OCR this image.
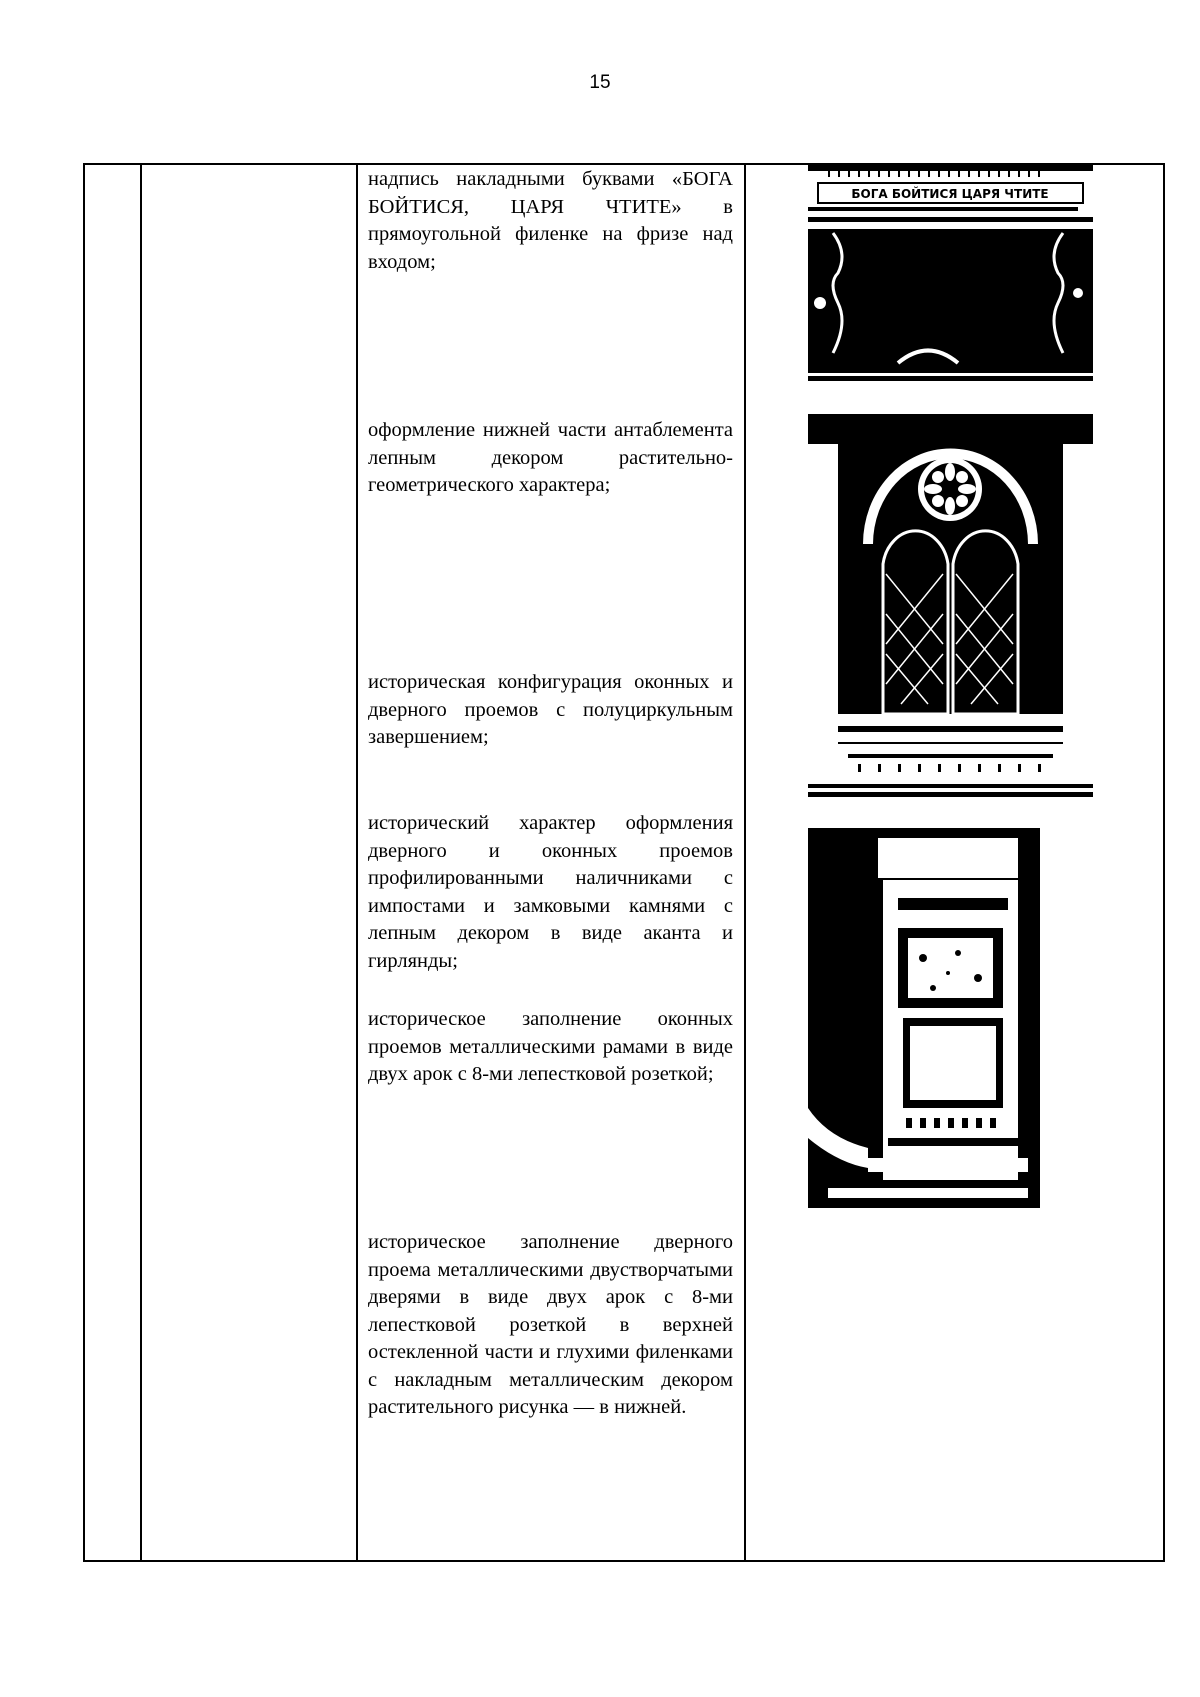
15
надпись накладными буквами «БОГА БОЙТИСЯ, ЦАРЯ ЧТИТЕ» в прямоугольной филенке на фризе над входом;
оформление нижней части антаблемента лепным декором растительно-геометрического характера;
историческая конфигурация оконных и дверного проемов с полуциркульным завершением;
исторический характер оформления дверного и оконных проемов профилированными наличниками с импостами и замковыми камнями с лепным декором в виде аканта и гирлянды;
историческое заполнение оконных проемов металлическими рамами в виде двух арок с 8-ми лепестковой розеткой;
историческое заполнение дверного проема металлическими двустворчатыми дверями в виде двух арок с 8-ми лепестковой розеткой в верхней остекленной части и глухими филенками с накладным металлическим декором растительного рисунка — в нижней.
БОГА БОЙТИСЯ ЦАРЯ ЧТИТЕ
